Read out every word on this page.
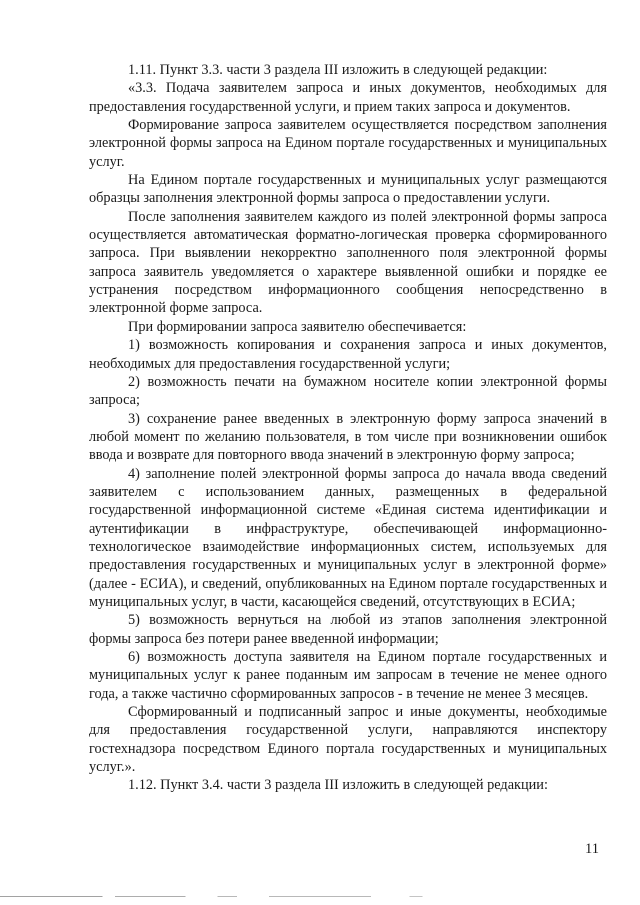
1.11. Пункт 3.3. части 3 раздела III изложить в следующей редакции:

«3.3. Подача заявителем запроса и иных документов, необходимых для предоставления государственной услуги, и прием таких запроса и документов.

Формирование запроса заявителем осуществляется посредством заполнения электронной формы запроса на Едином портале государственных и муниципальных услуг.

На Едином портале государственных и муниципальных услуг размещаются образцы заполнения электронной формы запроса о предоставлении услуги.

После заполнения заявителем каждого из полей электронной формы запроса осуществляется автоматическая форматно-логическая проверка сформированного запроса. При выявлении некорректно заполненного поля электронной формы запроса заявитель уведомляется о характере выявленной ошибки и порядке ее устранения посредством информационного сообщения непосредственно в электронной форме запроса.

При формировании запроса заявителю обеспечивается:

1) возможность копирования и сохранения запроса и иных документов, необходимых для предоставления государственной услуги;

2) возможность печати на бумажном носителе копии электронной формы запроса;

3) сохранение ранее введенных в электронную форму запроса значений в любой момент по желанию пользователя, в том числе при возникновении ошибок ввода и возврате для повторного ввода значений в электронную форму запроса;

4) заполнение полей электронной формы запроса до начала ввода сведений заявителем с использованием данных, размещенных в федеральной государственной информационной системе «Единая система идентификации и аутентификации в инфраструктуре, обеспечивающей информационно-технологическое взаимодействие информационных систем, используемых для предоставления государственных и муниципальных услуг в электронной форме» (далее - ЕСИА), и сведений, опубликованных на Едином портале государственных и муниципальных услуг, в части, касающейся сведений, отсутствующих в ЕСИА;

5) возможность вернуться на любой из этапов заполнения электронной формы запроса без потери ранее введенной информации;

6) возможность доступа заявителя на Едином портале государственных и муниципальных услуг к ранее поданным им запросам в течение не менее одного года, а также частично сформированных запросов - в течение не менее 3 месяцев.

Сформированный и подписанный запрос и иные документы, необходимые для предоставления государственной услуги, направляются инспектору гостехнадзора посредством Единого портала государственных и муниципальных услуг.».

1.12. Пункт 3.4. части 3 раздела III изложить в следующей редакции:

11
